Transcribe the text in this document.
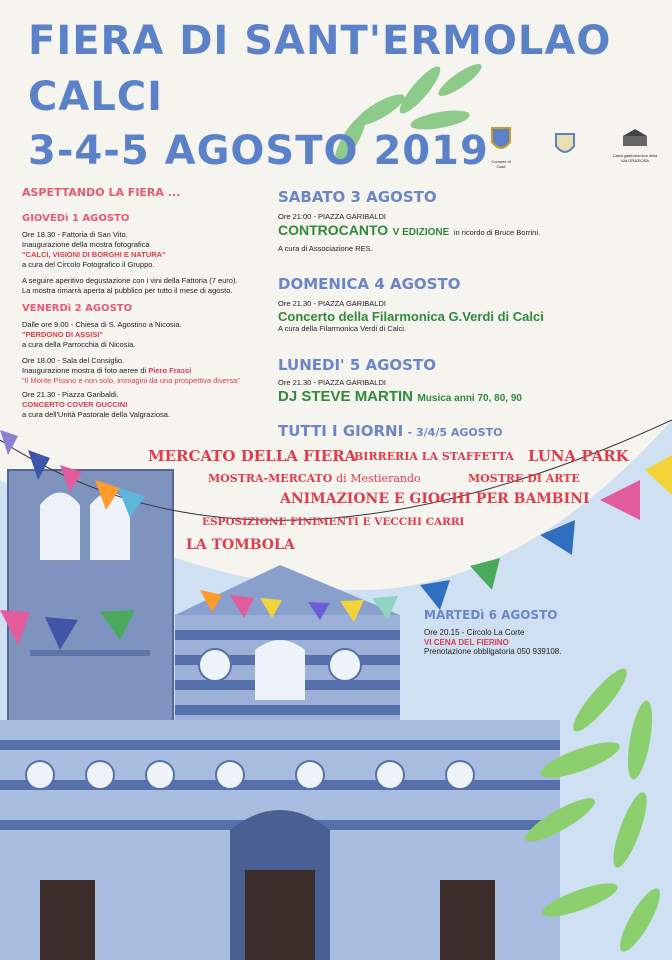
FIERA DI SANT'ERMOLAO
CALCI
3-4-5 AGOSTO 2019 Comune di Calci
Carta gastronomica della VALGRAZIOSA
ASPETTANDO LA FIERA ...
GIOVEDì 1 AGOSTO
Ore 18.30 - Fattoria di San Vito.
Inaugurazione della mostra fotografica
"CALCI, VISIONI DI BORGHI E NATURA"
a cura del Circolo Fotografico il Gruppo.
A seguire aperitivo degustazione con i vini della Fattoria (7 euro).
La mostra rimarrà aperta al pubblico per tutto il mese di agosto.
VENERDì 2 AGOSTO
Dalle ore 9.00 - Chiesa di S. Agostino a Nicosia.
"PERDONO DI ASSISI"
a cura della Parrocchia di Nicosia.
Ore 18.00 - Sala del Consiglio.
Inaugurazione mostra di foto aeree di Piero Frassi
"Il Monte Pisano e non solo, immagini da una prospettiva diversa"
Ore 21.30 - Piazza Garibaldi.
CONCERTO COVER GUCCINI
a cura dell'Unità Pastorale della Valgraziosa.
SABATO 3 AGOSTO
Ore 21:00 - PIAZZA GARIBALDI
CONTROCANTO V EDIZIONE in ricordo di Bruce Borrini.
A cura di Associazione RES.
DOMENICA 4 AGOSTO
Ore 21.30 - PIAZZA GARIBALDI
Concerto della Filarmonica G.Verdi di Calci
A cura della Filarmonica Verdi di Calci.
LUNEDI' 5 AGOSTO
Ore 21.30 - PIAZZA GARIBALDI
DJ STEVE MARTIN Musica anni 70, 80, 90
TUTTI I GIORNI - 3/4/5 AGOSTO
MERCATO DELLA FIERA
BIRRERIA LA STAFFETTA LUNA PARK
MOSTRA-MERCATO di Mestierando	MOSTRE DI ARTE
ANIMAZIONE E GIOCHI PER BAMBINI
ESPOSIZIONE FINIMENTI E VECCHI CARRI
LA TOMBOLA
MARTEDì 6 AGOSTO
Ore 20.15 - Circolo La Corte
VI CENA DEL FIERINO
Prenotazione obbligatoria 050 939108.
